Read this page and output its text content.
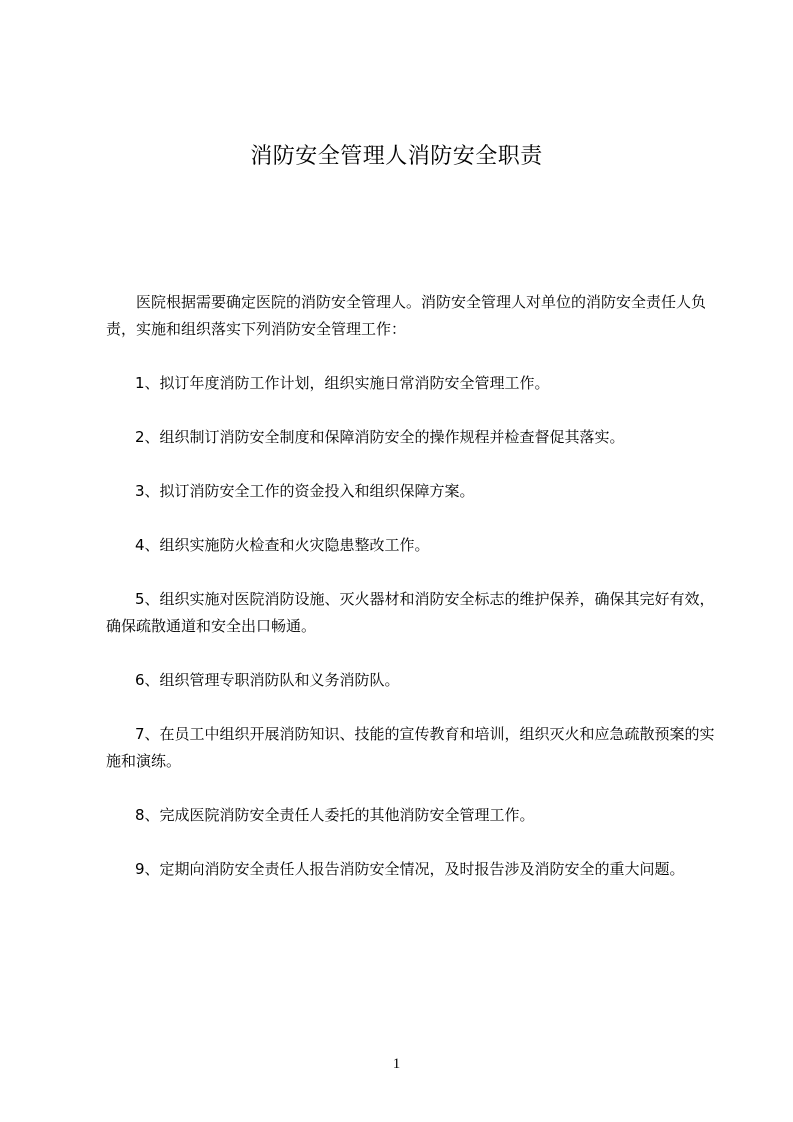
消防安全管理人消防安全职责

医院根据需要确定医院的消防安全管理人。消防安全管理人对单位的消防安全责任人负责，实施和组织落实下列消防安全管理工作：

1、拟订年度消防工作计划，组织实施日常消防安全管理工作。

2、组织制订消防安全制度和保障消防安全的操作规程并检查督促其落实。

3、拟订消防安全工作的资金投入和组织保障方案。

4、组织实施防火检查和火灾隐患整改工作。

5、组织实施对医院消防设施、灭火器材和消防安全标志的维护保养，确保其完好有效，确保疏散通道和安全出口畅通。

6、组织管理专职消防队和义务消防队。

7、在员工中组织开展消防知识、技能的宣传教育和培训，组织灭火和应急疏散预案的实施和演练。

8、完成医院消防安全责任人委托的其他消防安全管理工作。

9、定期向消防安全责任人报告消防安全情况，及时报告涉及消防安全的重大问题。

1
